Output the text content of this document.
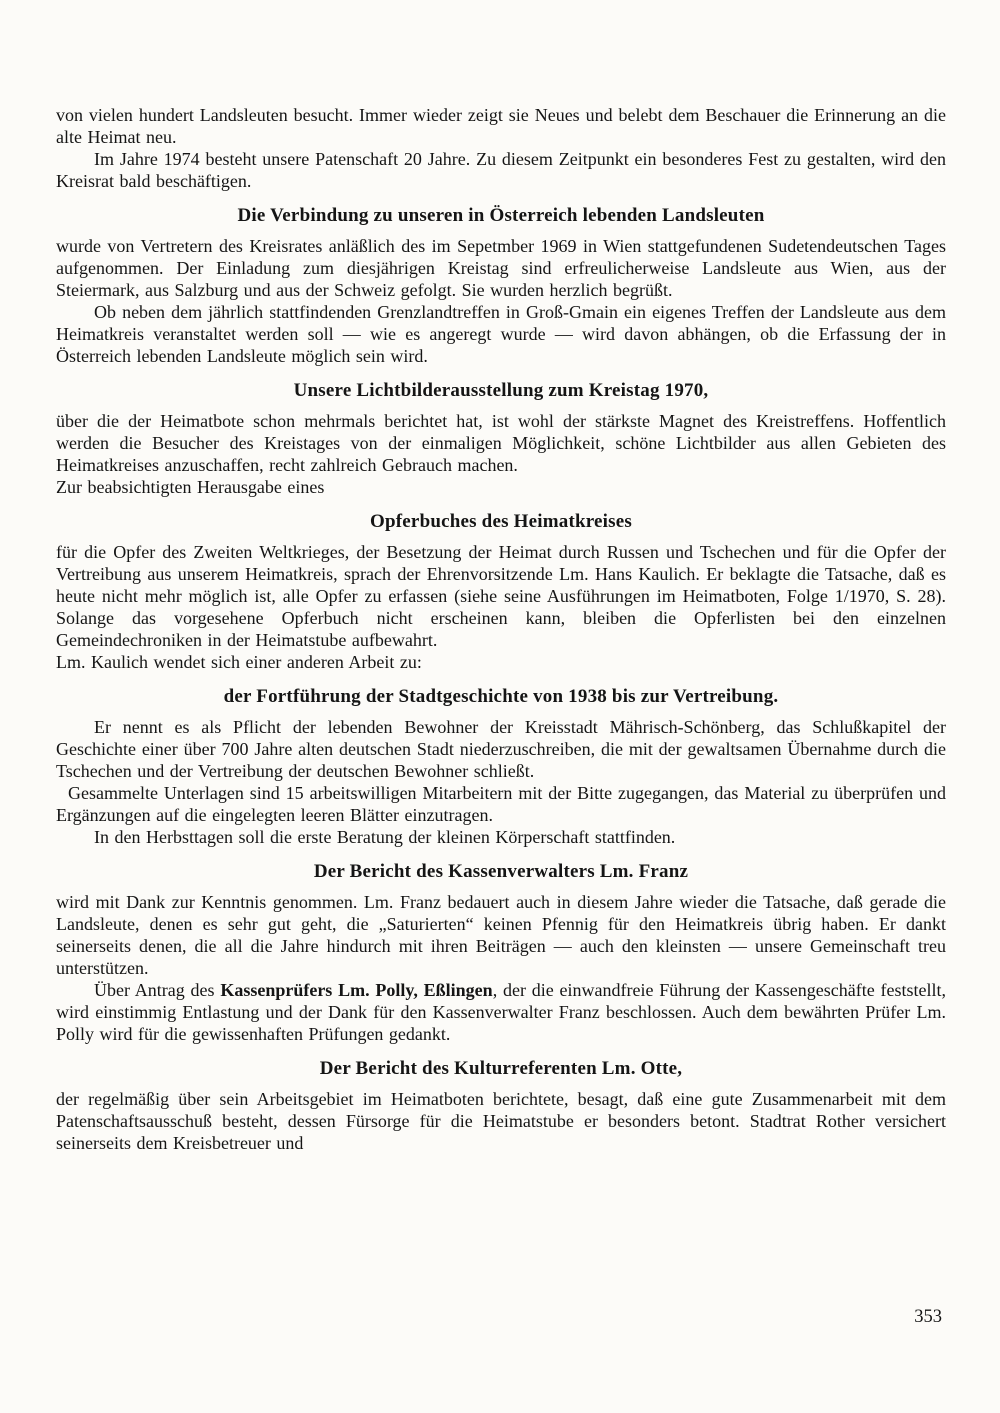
von vielen hundert Landsleuten besucht. Immer wieder zeigt sie Neues und belebt dem Beschauer die Erinnerung an die alte Heimat neu.

Im Jahre 1974 besteht unsere Patenschaft 20 Jahre. Zu diesem Zeitpunkt ein besonderes Fest zu gestalten, wird den Kreisrat bald beschäftigen.

Die Verbindung zu unseren in Österreich lebenden Landsleuten

wurde von Vertretern des Kreisrates anläßlich des im Sepetmber 1969 in Wien stattgefundenen Sudetendeutschen Tages aufgenommen. Der Einladung zum diesjährigen Kreistag sind erfreulicherweise Landsleute aus Wien, aus der Steiermark, aus Salzburg und aus der Schweiz gefolgt. Sie wurden herzlich begrüßt.

Ob neben dem jährlich stattfindenden Grenzlandtreffen in Groß-Gmain ein eigenes Treffen der Landsleute aus dem Heimatkreis veranstaltet werden soll — wie es angeregt wurde — wird davon abhängen, ob die Erfassung der in Österreich lebenden Landsleute möglich sein wird.

Unsere Lichtbilderausstellung zum Kreistag 1970,

über die der Heimatbote schon mehrmals berichtet hat, ist wohl der stärkste Magnet des Kreistreffens. Hoffentlich werden die Besucher des Kreistages von der einmaligen Möglichkeit, schöne Lichtbilder aus allen Gebieten des Heimatkreises anzuschaffen, recht zahlreich Gebrauch machen.

Zur beabsichtigten Herausgabe eines

Opferbuches des Heimatkreises

für die Opfer des Zweiten Weltkrieges, der Besetzung der Heimat durch Russen und Tschechen und für die Opfer der Vertreibung aus unserem Heimatkreis, sprach der Ehrenvorsitzende Lm. Hans Kaulich. Er beklagte die Tatsache, daß es heute nicht mehr möglich ist, alle Opfer zu erfassen (siehe seine Ausführungen im Heimatboten, Folge 1/1970, S. 28). Solange das vorgesehene Opferbuch nicht erscheinen kann, bleiben die Opferlisten bei den einzelnen Gemeindechroniken in der Heimatstube aufbewahrt.

Lm. Kaulich wendet sich einer anderen Arbeit zu:

der Fortführung der Stadtgeschichte von 1938 bis zur Vertreibung.

Er nennt es als Pflicht der lebenden Bewohner der Kreisstadt Mährisch-Schönberg, das Schlußkapitel der Geschichte einer über 700 Jahre alten deutschen Stadt niederzuschreiben, die mit der gewaltsamen Übernahme durch die Tschechen und der Vertreibung der deutschen Bewohner schließt.

Gesammelte Unterlagen sind 15 arbeitswilligen Mitarbeitern mit der Bitte zugegangen, das Material zu überprüfen und Ergänzungen auf die eingelegten leeren Blätter einzutragen.

In den Herbsttagen soll die erste Beratung der kleinen Körperschaft stattfinden.

Der Bericht des Kassenverwalters Lm. Franz

wird mit Dank zur Kenntnis genommen. Lm. Franz bedauert auch in diesem Jahre wieder die Tatsache, daß gerade die Landsleute, denen es sehr gut geht, die „Saturierten“ keinen Pfennig für den Heimatkreis übrig haben. Er dankt seinerseits denen, die all die Jahre hindurch mit ihren Beiträgen — auch den kleinsten — unsere Gemeinschaft treu unterstützen.

Über Antrag des Kassenprüfers Lm. Polly, Eßlingen, der die einwandfreie Führung der Kassengeschäfte feststellt, wird einstimmig Entlastung und der Dank für den Kassenverwalter Franz beschlossen. Auch dem bewährten Prüfer Lm. Polly wird für die gewissenhaften Prüfungen gedankt.

Der Bericht des Kulturreferenten Lm. Otte,

der regelmäßig über sein Arbeitsgebiet im Heimatboten berichtete, besagt, daß eine gute Zusammenarbeit mit dem Patenschaftsausschuß besteht, dessen Fürsorge für die Heimatstube er besonders betont. Stadtrat Rother versichert seinerseits dem Kreisbetreuer und

353
